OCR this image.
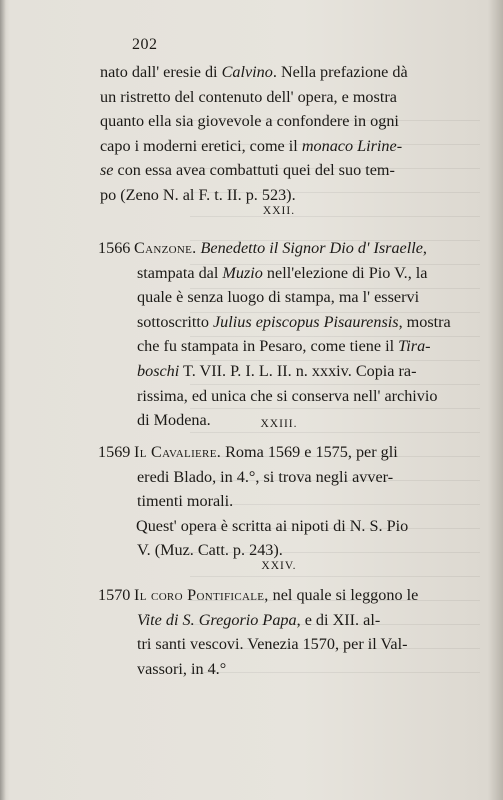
202
nato dall' eresie di Calvino. Nella prefazione dà
un ristretto del contenuto dell' opera, e mostra
quanto ella sia giovevole a confondere in ogni
capo i moderni eretici, come il monaco Lirine-
se con essa avea combattuti quei del suo tem-
po (Zeno N. al F. t. II. p. 523).
XXII.
1566 Canzone. Benedetto il Signor Dio d' Israelle,
stampata dal Muzio nell'elezione di Pio V., la
quale è senza luogo di stampa, ma l' esservi
sottoscritto Julius episcopus Pisaurensis, mostra
che fu stampata in Pesaro, come tiene il Tira-
boschi T. VII. P. I. L. II. n. xxxiv. Copia ra-
rissima, ed unica che si conserva nell' archivio
di Modena.	XXIII.
1569 Il Cavaliere. Roma 1569 e 1575, per gli
eredi Blado, in 4.°, si trova negli avver-
timenti morali.
Quest' opera è scritta ai nipoti di N. S. Pio
V. (Muz. Catt. p. 243).
XXIV.
1570 Il coro Pontificale, nel quale si leggono le
Vite di S. Gregorio Papa, e di XII. al-
tri santi vescovi. Venezia 1570, per il Val-
vassori, in 4.°
